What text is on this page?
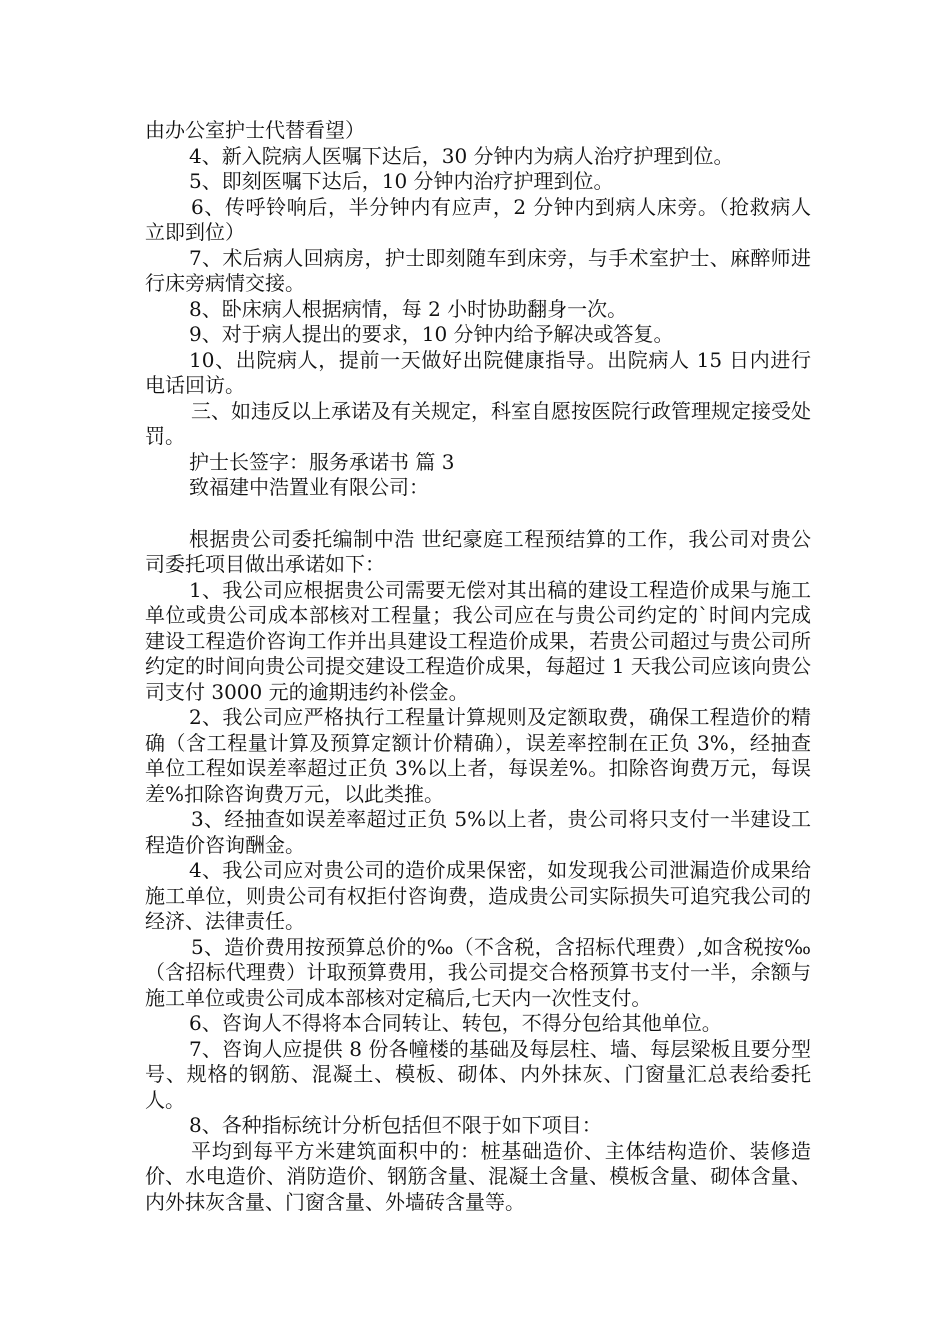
由办公室护士代替看望）

4、新入院病人医嘱下达后，30 分钟内为病人治疗护理到位。

5、即刻医嘱下达后，10 分钟内治疗护理到位。

6、传呼铃响后，半分钟内有应声，2 分钟内到病人床旁。（抢救病人立即到位）

7、术后病人回病房，护士即刻随车到床旁，与手术室护士、麻醉师进行床旁病情交接。

8、卧床病人根据病情，每 2 小时协助翻身一次。

9、对于病人提出的要求，10 分钟内给予解决或答复。

10、出院病人，提前一天做好出院健康指导。出院病人 15 日内进行电话回访。

三、如违反以上承诺及有关规定，科室自愿按医院行政管理规定接受处罚。

护士长签字：服务承诺书 篇 3

致福建中浩置业有限公司：

根据贵公司委托编制中浩 世纪豪庭工程预结算的工作，我公司对贵公司委托项目做出承诺如下：

1、我公司应根据贵公司需要无偿对其出稿的建设工程造价成果与施工单位或贵公司成本部核对工程量；我公司应在与贵公司约定的`时间内完成建设工程造价咨询工作并出具建设工程造价成果，若贵公司超过与贵公司所约定的时间向贵公司提交建设工程造价成果，每超过 1 天我公司应该向贵公司支付 3000 元的逾期违约补偿金。

2、我公司应严格执行工程量计算规则及定额取费，确保工程造价的精确（含工程量计算及预算定额计价精确），误差率控制在正负 3%，经抽查单位工程如误差率超过正负 3%以上者，每误差%。扣除咨询费万元，每误差%扣除咨询费万元，以此类推。

3、经抽查如误差率超过正负 5%以上者，贵公司将只支付一半建设工程造价咨询酬金。

4、我公司应对贵公司的造价成果保密，如发现我公司泄漏造价成果给施工单位，则贵公司有权拒付咨询费，造成贵公司实际损失可追究我公司的经济、法律责任。

5、造价费用按预算总价的‰（不含税，含招标代理费）,如含税按‰（含招标代理费）计取预算费用，我公司提交合格预算书支付一半，余额与施工单位或贵公司成本部核对定稿后,七天内一次性支付。

6、咨询人不得将本合同转让、转包，不得分包给其他单位。

7、咨询人应提供 8 份各幢楼的基础及每层柱、墙、每层梁板且要分型号、规格的钢筋、混凝土、模板、砌体、内外抹灰、门窗量汇总表给委托人。

8、各种指标统计分析包括但不限于如下项目：

平均到每平方米建筑面积中的：桩基础造价、主体结构造价、装修造价、水电造价、消防造价、钢筋含量、混凝土含量、模板含量、砌体含量、内外抹灰含量、门窗含量、外墙砖含量等。
